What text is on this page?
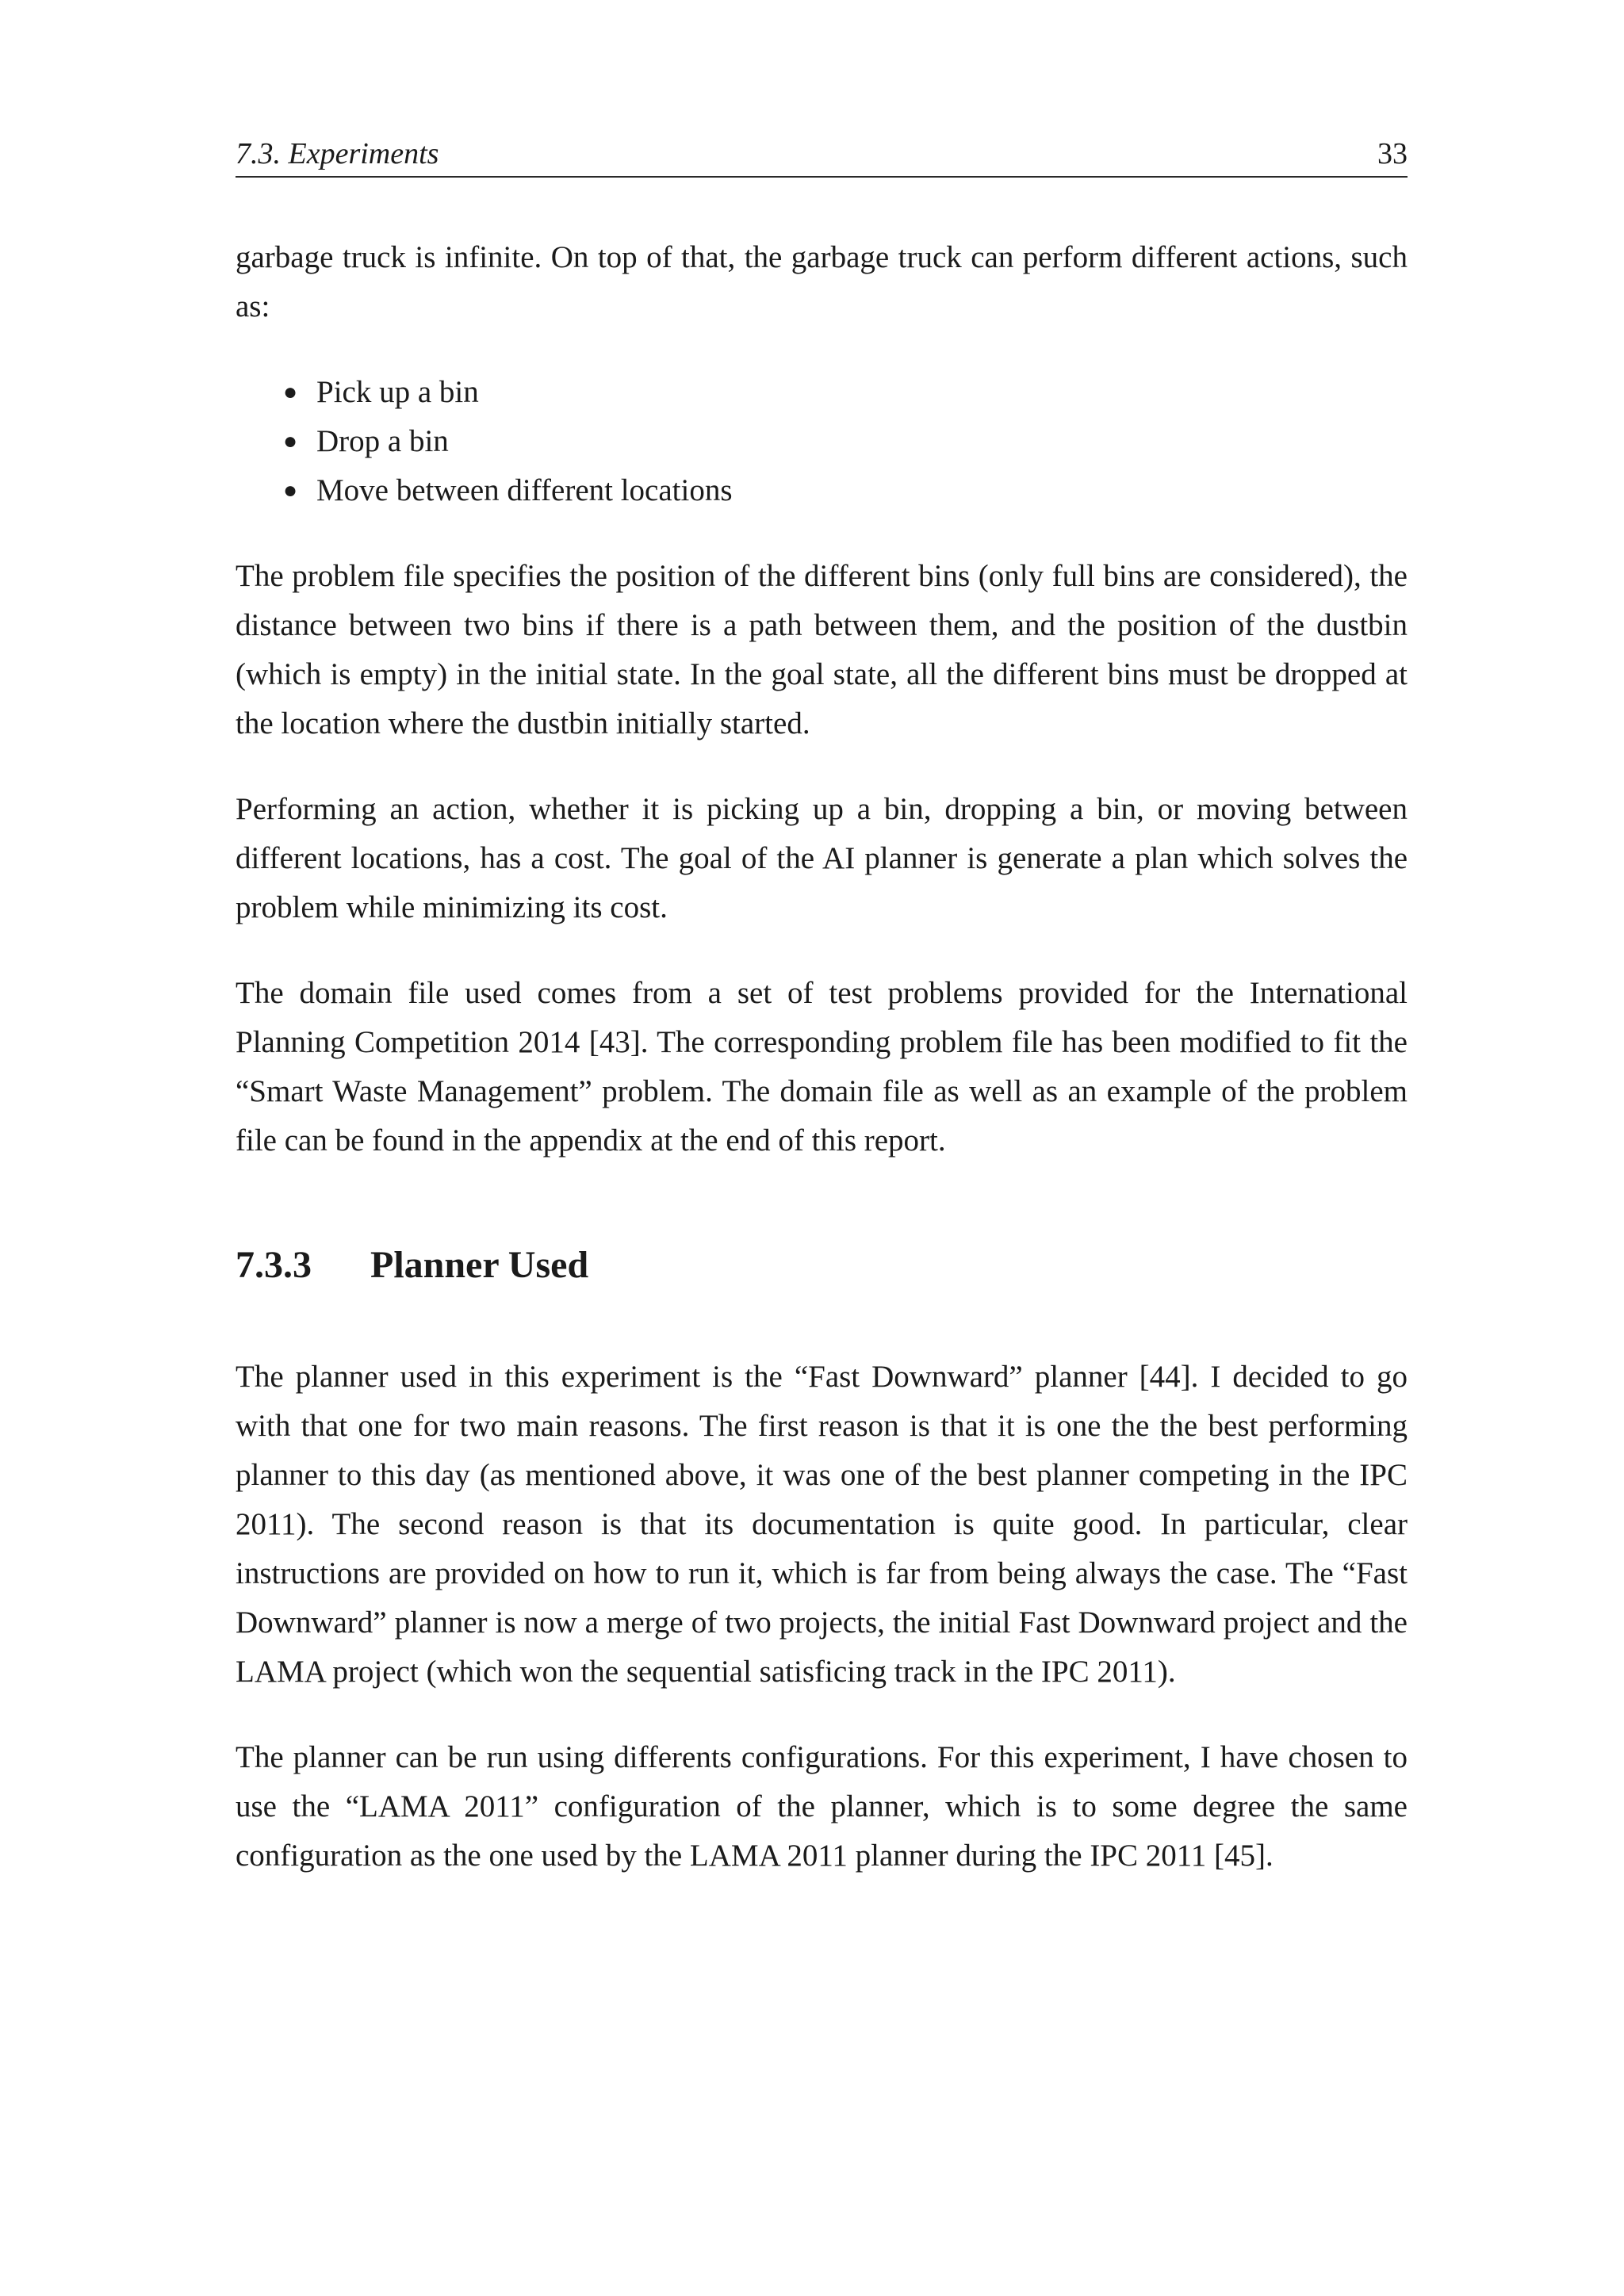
7.3. Experiments	33

garbage truck is infinite. On top of that, the garbage truck can perform different actions, such as:

● Pick up a bin
● Drop a bin
● Move between different locations

The problem file specifies the position of the different bins (only full bins are considered), the distance between two bins if there is a path between them, and the position of the dustbin (which is empty) in the initial state. In the goal state, all the different bins must be dropped at the location where the dustbin initially started.

Performing an action, whether it is picking up a bin, dropping a bin, or moving between different locations, has a cost. The goal of the AI planner is generate a plan which solves the problem while minimizing its cost.

The domain file used comes from a set of test problems provided for the International Planning Competition 2014 [43]. The corresponding problem file has been modified to fit the “Smart Waste Management” problem. The domain file as well as an example of the problem file can be found in the appendix at the end of this report.

7.3.3 Planner Used

The planner used in this experiment is the “Fast Downward” planner [44]. I decided to go with that one for two main reasons. The first reason is that it is one the the best performing planner to this day (as mentioned above, it was one of the best planner competing in the IPC 2011). The second reason is that its documentation is quite good. In particular, clear instructions are provided on how to run it, which is far from being always the case. The “Fast Downward” planner is now a merge of two projects, the initial Fast Downward project and the LAMA project (which won the sequential satisficing track in the IPC 2011).

The planner can be run using differents configurations. For this experiment, I have chosen to use the “LAMA 2011” configuration of the planner, which is to some degree the same configuration as the one used by the LAMA 2011 planner during the IPC 2011 [45].
